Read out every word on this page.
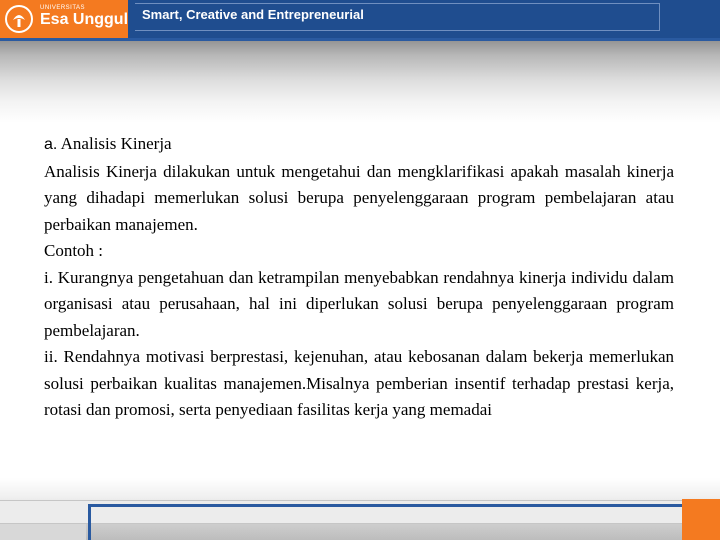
UNIVERSITAS
Esa Unggul Smart, Creative and Entrepreneurial

a. Analisis Kinerja

Analisis Kinerja dilakukan untuk mengetahui dan mengklarifikasi apakah masalah kinerja yang dihadapi memerlukan solusi berupa penyelenggaraan program pembelajaran atau perbaikan manajemen.

Contoh :

i. Kurangnya pengetahuan dan ketrampilan menyebabkan rendahnya kinerja individu dalam organisasi atau perusahaan, hal ini diperlukan solusi berupa penyelenggaraan program pembelajaran.

ii. Rendahnya motivasi berprestasi, kejenuhan, atau kebosanan dalam bekerja memerlukan solusi perbaikan kualitas manajemen.Misalnya pemberian insentif terhadap prestasi kerja, rotasi dan promosi, serta penyediaan fasilitas kerja yang memadai
